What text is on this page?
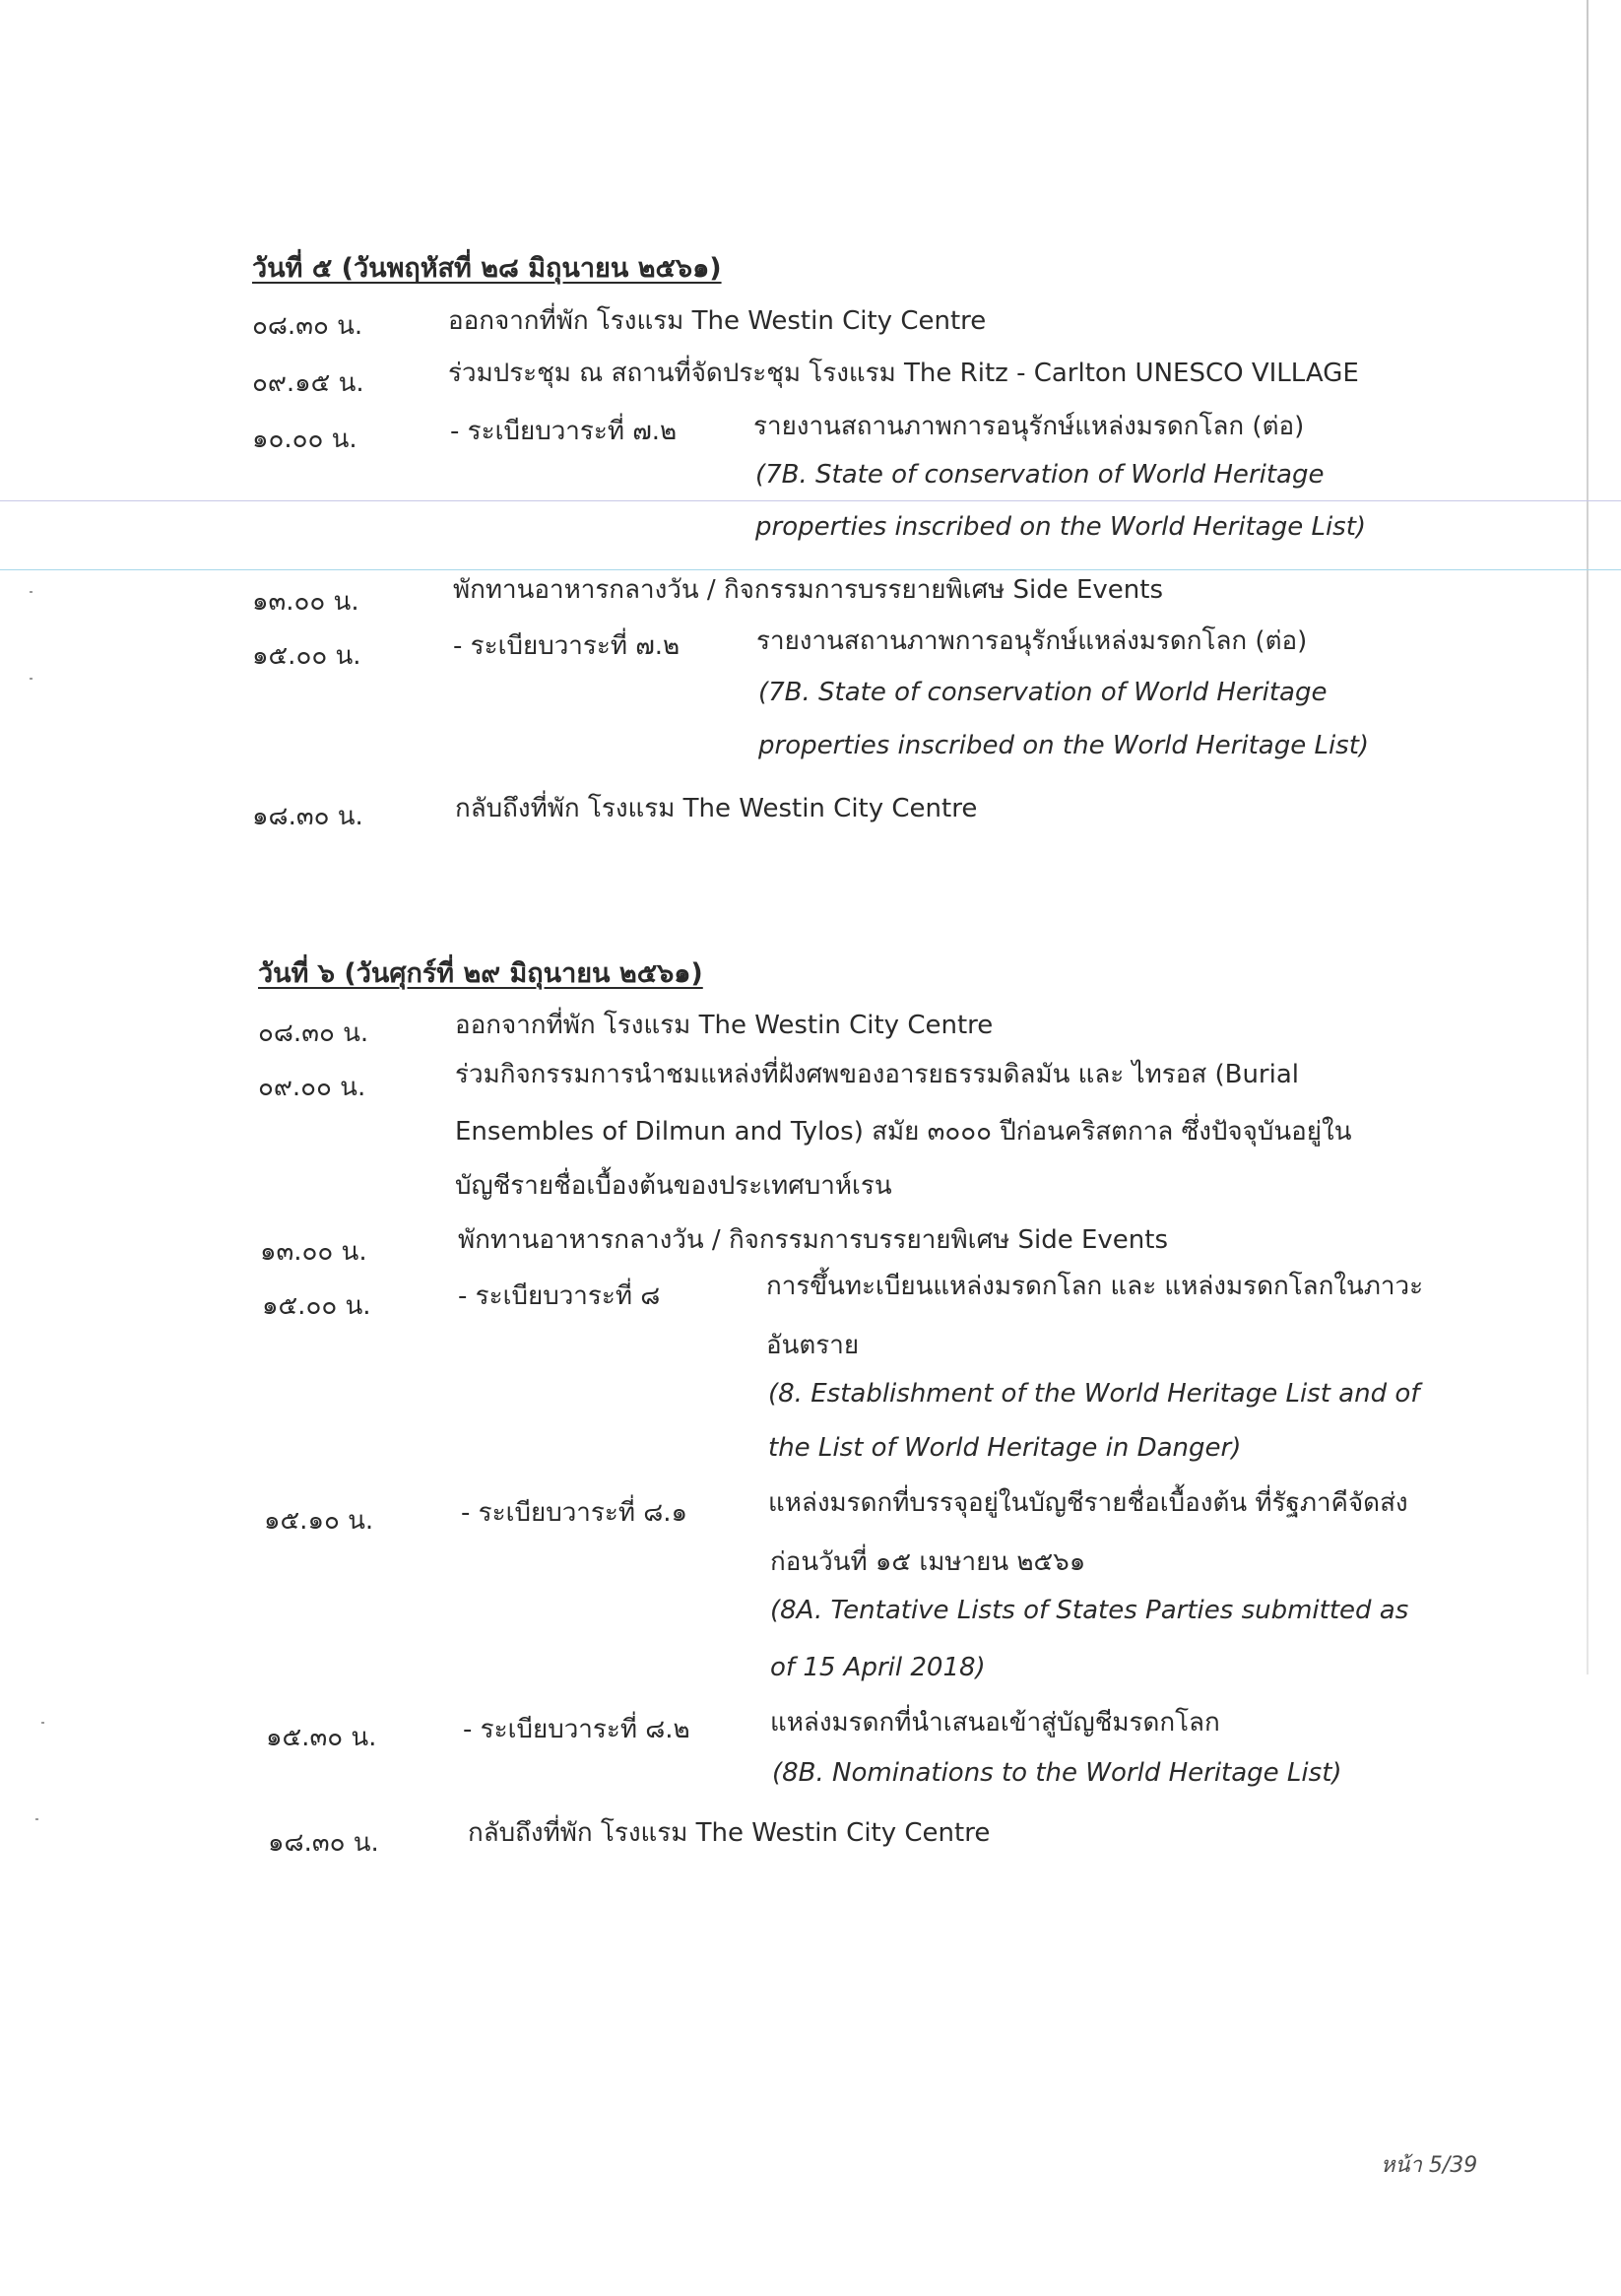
วันที่ ๕ (วันพฤหัสที่ ๒๘ มิถุนายน ๒๕๖๑)
๐๘.๓๐ น.	ออกจากที่พัก โรงแรม The Westin City Centre
๐๙.๑๕ น.	ร่วมประชุม ณ สถานที่จัดประชุม โรงแรม The Ritz - Carlton UNESCO VILLAGE
๑๐.๐๐ น.	- ระเบียบวาระที่ ๗.๒	รายงานสถานภาพการอนุรักษ์แหล่งมรดกโลก (ต่อ)
(7B. State of conservation of World Heritage
properties inscribed on the World Heritage List)
๑๓.๐๐ น.	พักทานอาหารกลางวัน / กิจกรรมการบรรยายพิเศษ Side Events
๑๕.๐๐ น.	- ระเบียบวาระที่ ๗.๒	รายงานสถานภาพการอนุรักษ์แหล่งมรดกโลก (ต่อ)
(7B. State of conservation of World Heritage
properties inscribed on the World Heritage List)
๑๘.๓๐ น.	กลับถึงที่พัก โรงแรม The Westin City Centre
วันที่ ๖ (วันศุกร์ที่ ๒๙ มิถุนายน ๒๕๖๑)
๐๘.๓๐ น.	ออกจากที่พัก โรงแรม The Westin City Centre
๐๙.๐๐ น.	ร่วมกิจกรรมการนำชมแหล่งที่ฝังศพของอารยธรรมดิลมัน และ ไทรอส (Burial
Ensembles of Dilmun and Tylos) สมัย ๓๐๐๐ ปีก่อนคริสตกาล ซึ่งปัจจุบันอยู่ใน
บัญชีรายชื่อเบื้องต้นของประเทศบาห์เรน
๑๓.๐๐ น.	พักทานอาหารกลางวัน / กิจกรรมการบรรยายพิเศษ Side Events
๑๕.๐๐ น.	- ระเบียบวาระที่ ๘	การขึ้นทะเบียนแหล่งมรดกโลก และ แหล่งมรดกโลกในภาวะ
อันตราย
(8. Establishment of the World Heritage List and of
the List of World Heritage in Danger)
๑๕.๑๐ น.	- ระเบียบวาระที่ ๘.๑	แหล่งมรดกที่บรรจุอยู่ในบัญชีรายชื่อเบื้องต้น ที่รัฐภาคีจัดส่ง
ก่อนวันที่ ๑๕ เมษายน ๒๕๖๑
(8A. Tentative Lists of States Parties submitted as
of 15 April 2018)
๑๕.๓๐ น.	- ระเบียบวาระที่ ๘.๒	แหล่งมรดกที่นำเสนอเข้าสู่บัญชีมรดกโลก
(8B. Nominations to the World Heritage List)
๑๘.๓๐ น.	กลับถึงที่พัก โรงแรม The Westin City Centre
หน้า 5/39
